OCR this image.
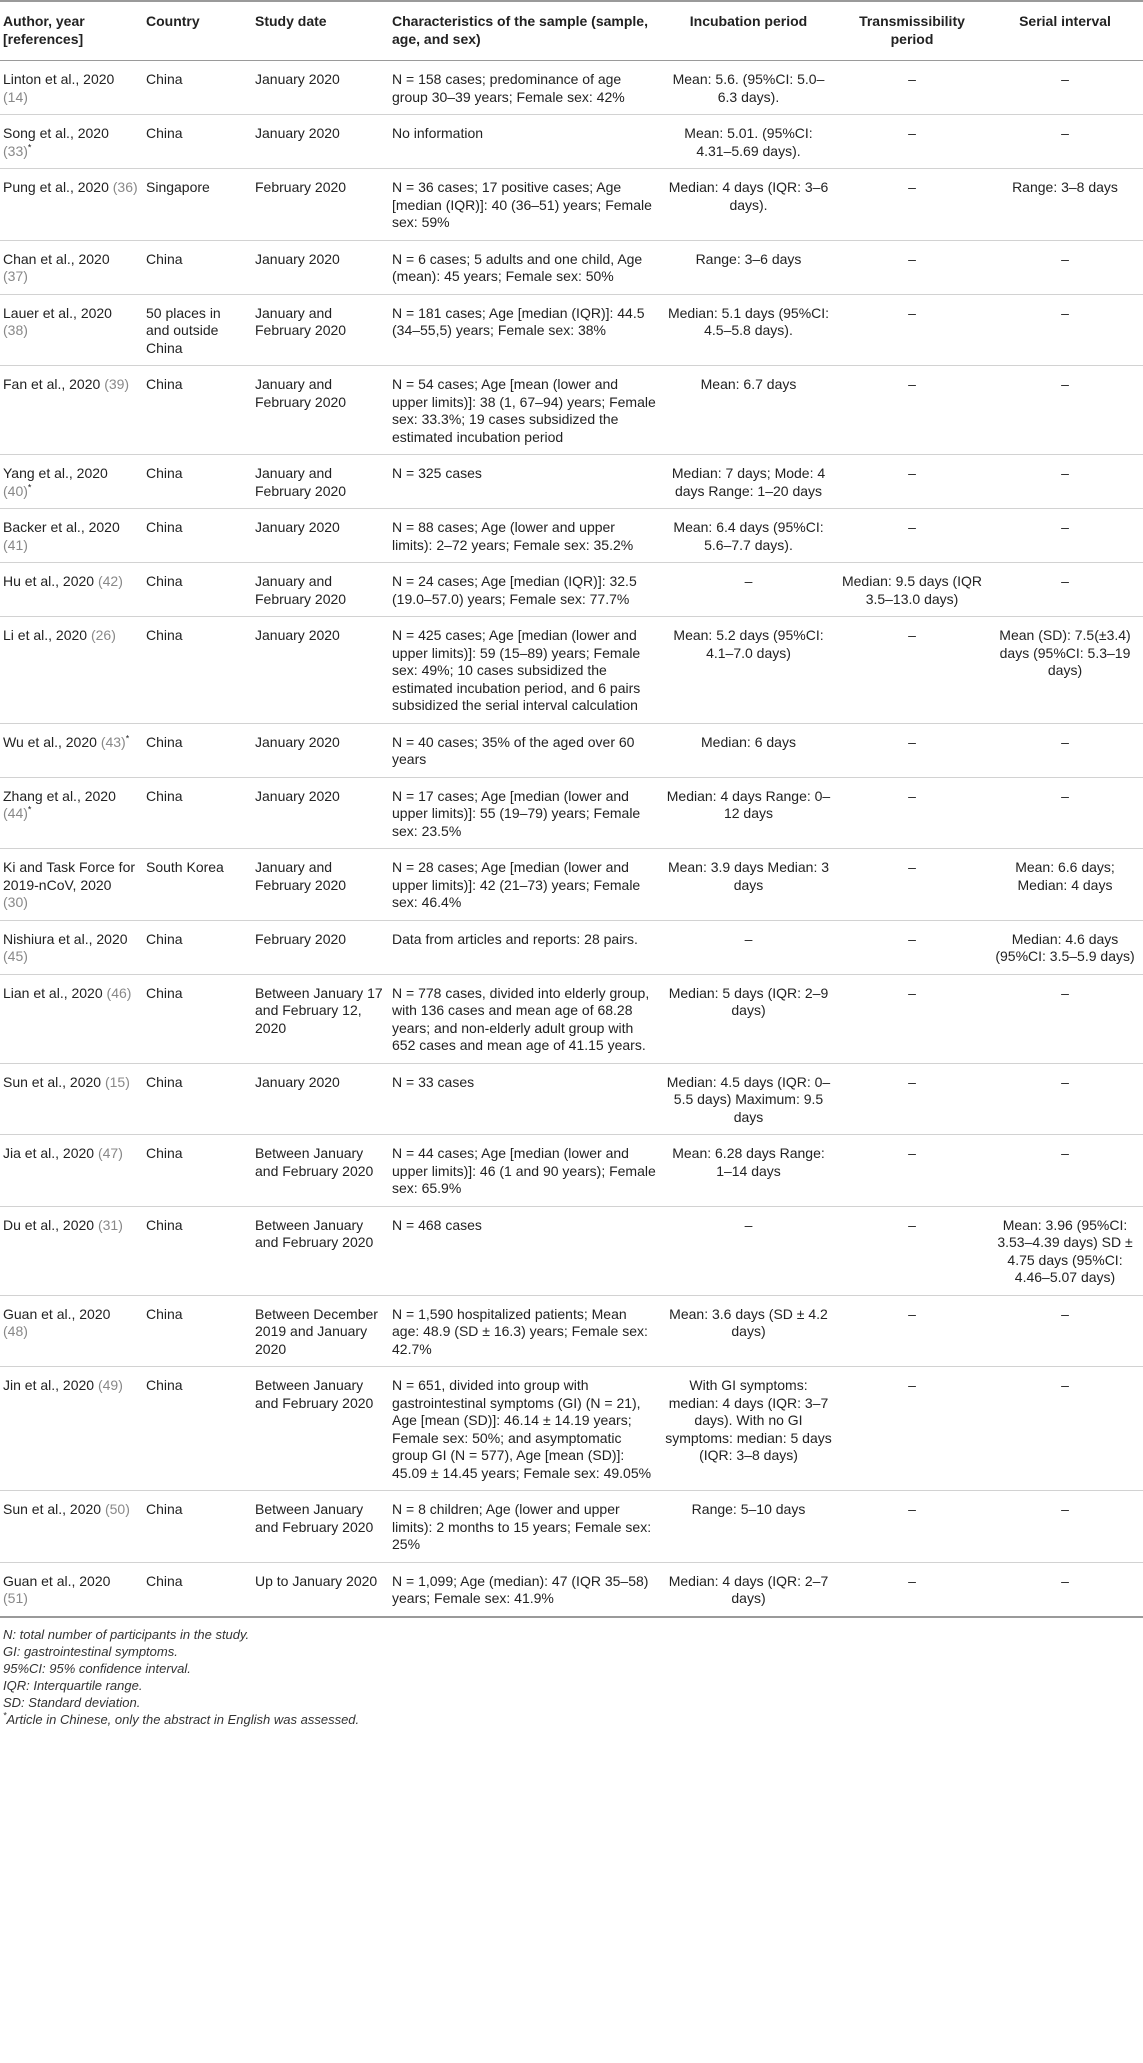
Author, year [references]	Country	Study date	Characteristics of the sample (sample, age, and sex)	Incubation period	Transmissibility period	Serial interval
Linton et al., 2020 (14)	China	January 2020	N = 158 cases; predominance of age group 30–39 years; Female sex: 42%	Mean: 5.6. (95%CI: 5.0–6.3 days).	–	–
Song et al., 2020 (33)*	China	January 2020	No information	Mean: 5.01. (95%CI: 4.31–5.69 days).	–	–
Pung et al., 2020 (36)	Singapore	February 2020	N = 36 cases; 17 positive cases; Age [median (IQR)]: 40 (36–51) years; Female sex: 59%	Median: 4 days (IQR: 3–6 days).	–	Range: 3–8 days
Chan et al., 2020 (37)	China	January 2020	N = 6 cases; 5 adults and one child, Age (mean): 45 years; Female sex: 50%	Range: 3–6 days	–	–
Lauer et al., 2020 (38)	50 places in and outside China	January and February 2020	N = 181 cases; Age [median (IQR)]: 44.5 (34–55,5) years; Female sex: 38%	Median: 5.1 days (95%CI: 4.5–5.8 days).	–	–
Fan et al., 2020 (39)	China	January and February 2020	N = 54 cases; Age [mean (lower and upper limits)]: 38 (1, 67–94) years; Female sex: 33.3%; 19 cases subsidized the estimated incubation period	Mean: 6.7 days	–	–
Yang et al., 2020 (40)*	China	January and February 2020	N = 325 cases	Median: 7 days; Mode: 4 days Range: 1–20 days	–	–
Backer et al., 2020 (41)	China	January 2020	N = 88 cases; Age (lower and upper limits): 2–72 years; Female sex: 35.2%	Mean: 6.4 days (95%CI: 5.6–7.7 days).	–	–
Hu et al., 2020 (42)	China	January and February 2020	N = 24 cases; Age [median (IQR)]: 32.5 (19.0–57.0) years; Female sex: 77.7%	–	Median: 9.5 days (IQR 3.5–13.0 days)	–
Li et al., 2020 (26)	China	January 2020	N = 425 cases; Age [median (lower and upper limits)]: 59 (15–89) years; Female sex: 49%; 10 cases subsidized the estimated incubation period, and 6 pairs subsidized the serial interval calculation	Mean: 5.2 days (95%CI: 4.1–7.0 days)	–	Mean (SD): 7.5(±3.4) days (95%CI: 5.3–19 days)
Wu et al., 2020 (43)*	China	January 2020	N = 40 cases; 35% of the aged over 60 years	Median: 6 days	–	–
Zhang et al., 2020 (44)*	China	January 2020	N = 17 cases; Age [median (lower and upper limits)]: 55 (19–79) years; Female sex: 23.5%	Median: 4 days Range: 0–12 days	–	–
Ki and Task Force for 2019-nCoV, 2020 (30)	South Korea	January and February 2020	N = 28 cases; Age [median (lower and upper limits)]: 42 (21–73) years; Female sex: 46.4%	Mean: 3.9 days Median: 3 days	–	Mean: 6.6 days; Median: 4 days
Nishiura et al., 2020 (45)	China	February 2020	Data from articles and reports: 28 pairs.	–	–	Median: 4.6 days (95%CI: 3.5–5.9 days)
Lian et al., 2020 (46)	China	Between January 17 and February 12, 2020	N = 778 cases, divided into elderly group, with 136 cases and mean age of 68.28 years; and non-elderly adult group with 652 cases and mean age of 41.15 years.	Median: 5 days (IQR: 2–9 days)	–	–
Sun et al., 2020 (15)	China	January 2020	N = 33 cases	Median: 4.5 days (IQR: 0–5.5 days) Maximum: 9.5 days	–	–
Jia et al., 2020 (47)	China	Between January and February 2020	N = 44 cases; Age [median (lower and upper limits)]: 46 (1 and 90 years); Female sex: 65.9%	Mean: 6.28 days Range: 1–14 days	–	–
Du et al., 2020 (31)	China	Between January and February 2020	N = 468 cases	–	–	Mean: 3.96 (95%CI: 3.53–4.39 days) SD ± 4.75 days (95%CI: 4.46–5.07 days)
Guan et al., 2020 (48)	China	Between December 2019 and January 2020	N = 1,590 hospitalized patients; Mean age: 48.9 (SD ± 16.3) years; Female sex: 42.7%	Mean: 3.6 days (SD ± 4.2 days)	–	–
Jin et al., 2020 (49)	China	Between January and February 2020	N = 651, divided into group with gastrointestinal symptoms (GI) (N = 21), Age [mean (SD)]: 46.14 ± 14.19 years; Female sex: 50%; and asymptomatic group GI (N = 577), Age [mean (SD)]: 45.09 ± 14.45 years; Female sex: 49.05%	With GI symptoms: median: 4 days (IQR: 3–7 days). With no GI symptoms: median: 5 days (IQR: 3–8 days)	–	–
Sun et al., 2020 (50)	China	Between January and February 2020	N = 8 children; Age (lower and upper limits): 2 months to 15 years; Female sex: 25%	Range: 5–10 days	–	–
Guan et al., 2020 (51)	China	Up to January 2020	N = 1,099; Age (median): 47 (IQR 35–58) years; Female sex: 41.9%	Median: 4 days (IQR: 2–7 days)	–	–
N: total number of participants in the study.
GI: gastrointestinal symptoms.
95%CI: 95% confidence interval.
IQR: Interquartile range.
SD: Standard deviation.
*Article in Chinese, only the abstract in English was assessed.
